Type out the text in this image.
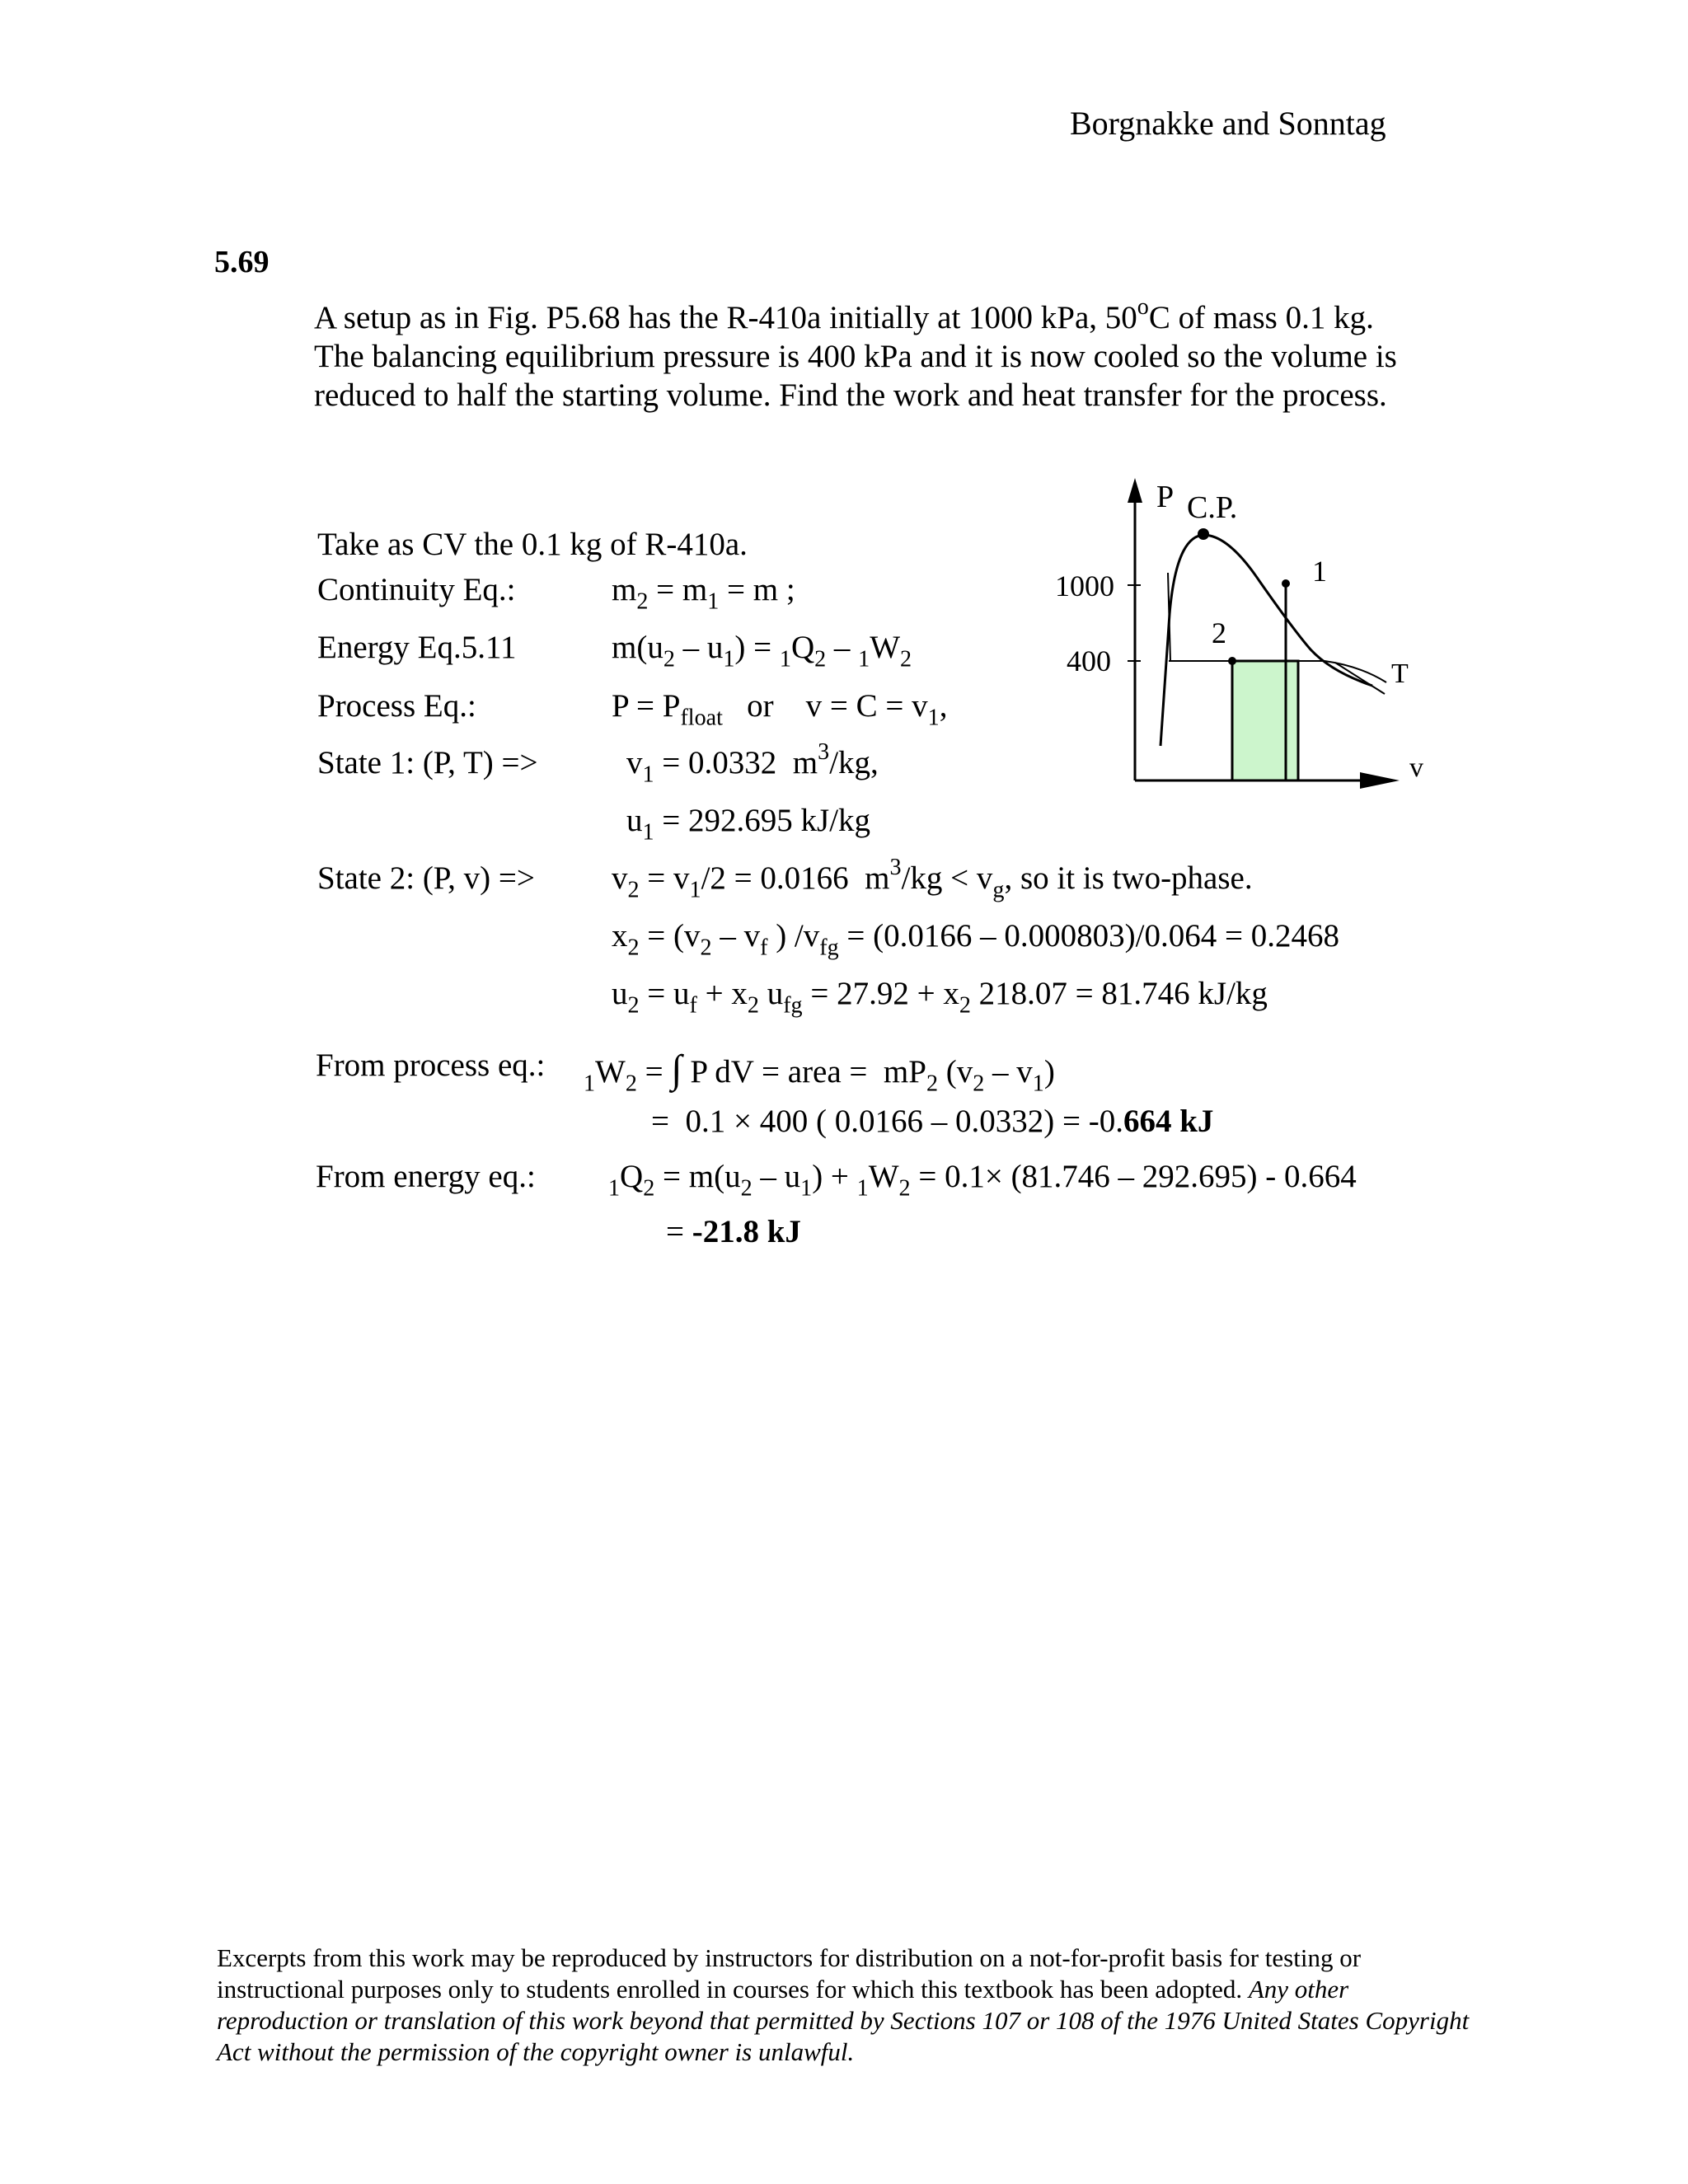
Borgnakke and Sonntag
5.69
A setup as in Fig. P5.68 has the R-410a initially at 1000 kPa, 50$^o$C of mass 0.1 kg.
The balancing equilibrium pressure is 400 kPa and it is now cooled so the volume is
reduced to half the starting volume. Find the work and heat transfer for the process.
P C.P.
1
2
1000
400	T
v
Take as CV the 0.1 kg of R-410a.
Continuity Eq.:	$m_2 = m_1 = m$ ;
Energy Eq.5.11	$m(u_2 - u_1) = _1Q_2 - _1W_2$
Process Eq.:	$P = P_{float}$   or    $v = C = v_1$,
State 1: (P, T) =>	$v_1 = 0.0332$  $m^3/kg$,
$u_1 = 292.695$ kJ/kg
State 2: (P, $v) => v_2 = v_1/2 = 0.0166$  $m^3/kg < v_g$, so it is two-phase.
$x_2 = (v_2 - v_f$ ) $/v_{fg} = (0.0166 - 0.000803)/0.064 = 0.2468$
$u_2 = u_f + x_2$ $u_{fg} = 27.92 + x_2$ 218.07 = 81.746 kJ/kg
From process eq.:
$_1W_2$ = ∫ P dV = area =  $mP_2$ $(v_2 - v_1)$
=  0.1 × 400 ( 0.0166 – 0.0332) = -0.664 kJ
From energy eq.:	$_1Q_2 = m(u_2 - u_1) + _1W_2 = 0.1\times (81.746 - 292.695) - 0.664$
= -21.8 kJ
Excerpts from this work may be reproduced by instructors for distribution on a not-for-profit basis for testing or instructional purposes only to students enrolled in courses for which this textbook has been adopted. Any other reproduction or translation of this work beyond that permitted by Sections 107 or 108 of the 1976 United States Copyright Act without the permission of the copyright owner is unlawful.
